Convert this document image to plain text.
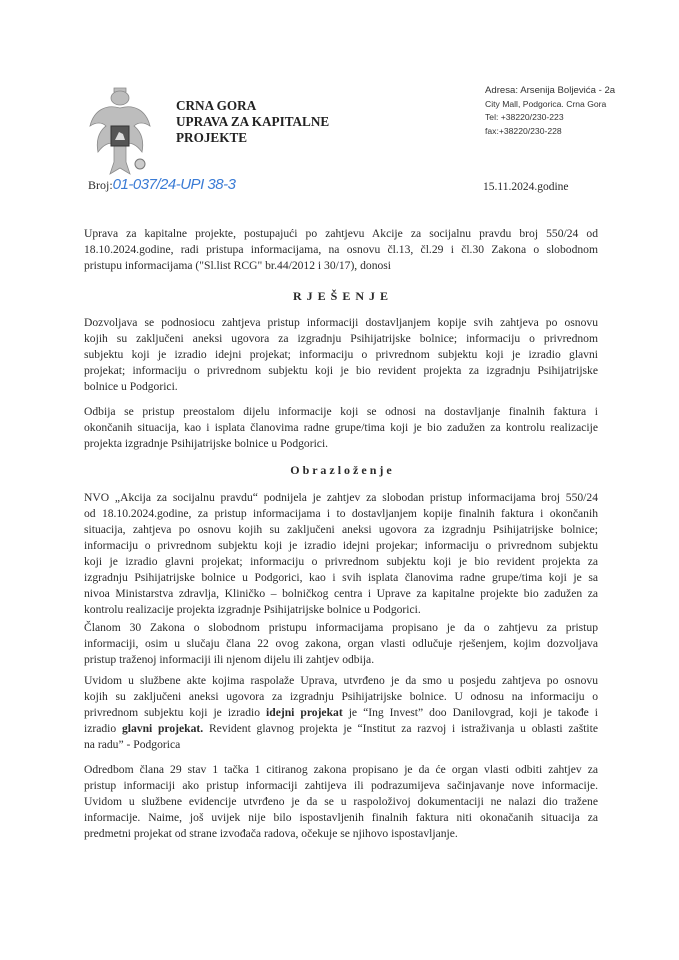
CRNA GORA
UPRAVA ZA KAPITALNE
PROJEKTE
Adresa: Arsenija Boljevića - 2a
City Mall, Podgorica. Crna Gora
Tel: +38220/230-223
fax:+38220/230-228
Broj:01-037/24-UPI 38-3	15.11.2024.godine
R J E Š E N J E
O b r a z l o ž e n j e
Uprava za kapitalne projekte, postupajući po zahtjevu Akcije za socijalnu pravdu broj 550/24 od
18.10.2024.godine, radi pristupa informacijama, na osnovu čl.13, čl.29 i čl.30 Zakona o slobodnom
pristupu informacijama ("Sl.list RCG" br.44/2012 i 30/17), donosi
Dozvoljava se podnosiocu zahtjeva pristup informaciji dostavljanjem kopije svih zahtjeva po osnovu
kojih su zaključeni aneksi ugovora za izgradnju Psihijatrijske bolnice; informaciju o privrednom
subjektu koji je izradio idejni projekat; informaciju o privrednom subjektu koji je izradio glavni
projekat; informaciju o privrednom subjektu koji je bio revident projekta za izgradnju Psihijatrijske
bolnice u Podgorici.
Odbija se pristup preostalom dijelu informacije koji se odnosi na dostavljanje finalnih faktura i
okončanih situacija, kao i isplata članovima radne grupe/tima koji je bio zadužen za kontrolu realizacije
projekta izgradnje Psihijatrijske bolnice u Podgorici.
NVO „Akcija za socijalnu pravdu“ podnijela je zahtjev za slobodan pristup informacijama broj 550/24
od 18.10.2024.godine, za pristup informacijama i to dostavljanjem kopije finalnih faktura i okončanih
situacija, zahtjeva po osnovu kojih su zaključeni aneksi ugovora za izgradnju Psihijatrijske bolnice;
informaciju o privrednom subjektu koji je izradio idejni projekar; informaciju o privrednom subjektu
koji je izradio glavni projekat; informaciju o privrednom subjektu koji je bio revident projekta za
izgradnju Psihijatrijske bolnice u Podgorici, kao i svih isplata članovima radne grupe/tima koji je sa
nivoa Ministarstva zdravlja, Kliničko – bolničkog centra i Uprave za kapitalne projekte bio zadužen za
kontrolu realizacije projekta izgradnje Psihijatrijske bolnice u Podgorici.
Članom 30 Zakona o slobodnom pristupu informacijama propisano je da o zahtjevu za pristup
informaciji, osim u slučaju člana 22 ovog zakona, organ vlasti odlučuje rješenjem, kojim dozvoljava
pristup traženoj informaciji ili njenom dijelu ili zahtjev odbija.
Uvidom u službene akte kojima raspolaže Uprava, utvrđeno je da smo u posjedu zahtjeva po osnovu
kojih su zaključeni aneksi ugovora za izgradnju Psihijatrijske bolnice. U odnosu na informaciju o
privrednom subjektu koji je izradio idejni projekat je “Ing Invest” doo Danilovgrad, koji je takođe i
izradio glavni projekat. Revident glavnog projekta je “Institut za razvoj i istraživanja u oblasti zaštite
na radu” - Podgorica
Odredbom člana 29 stav 1 tačka 1 citiranog zakona propisano je da će organ vlasti odbiti zahtjev za
pristup informaciji ako pristup informaciji zahtijeva ili podrazumijeva sačinjavanje nove informacije.
Uvidom u službene evidencije utvrđeno je da se u raspoloživoj dokumentaciji ne nalazi dio tražene
informacije. Naime, još uvijek nije bilo ispostavljenih finalnih faktura niti okonačanih situacija za
predmetni projekat od strane izvođača radova, očekuje se njihovo ispostavljanje.
